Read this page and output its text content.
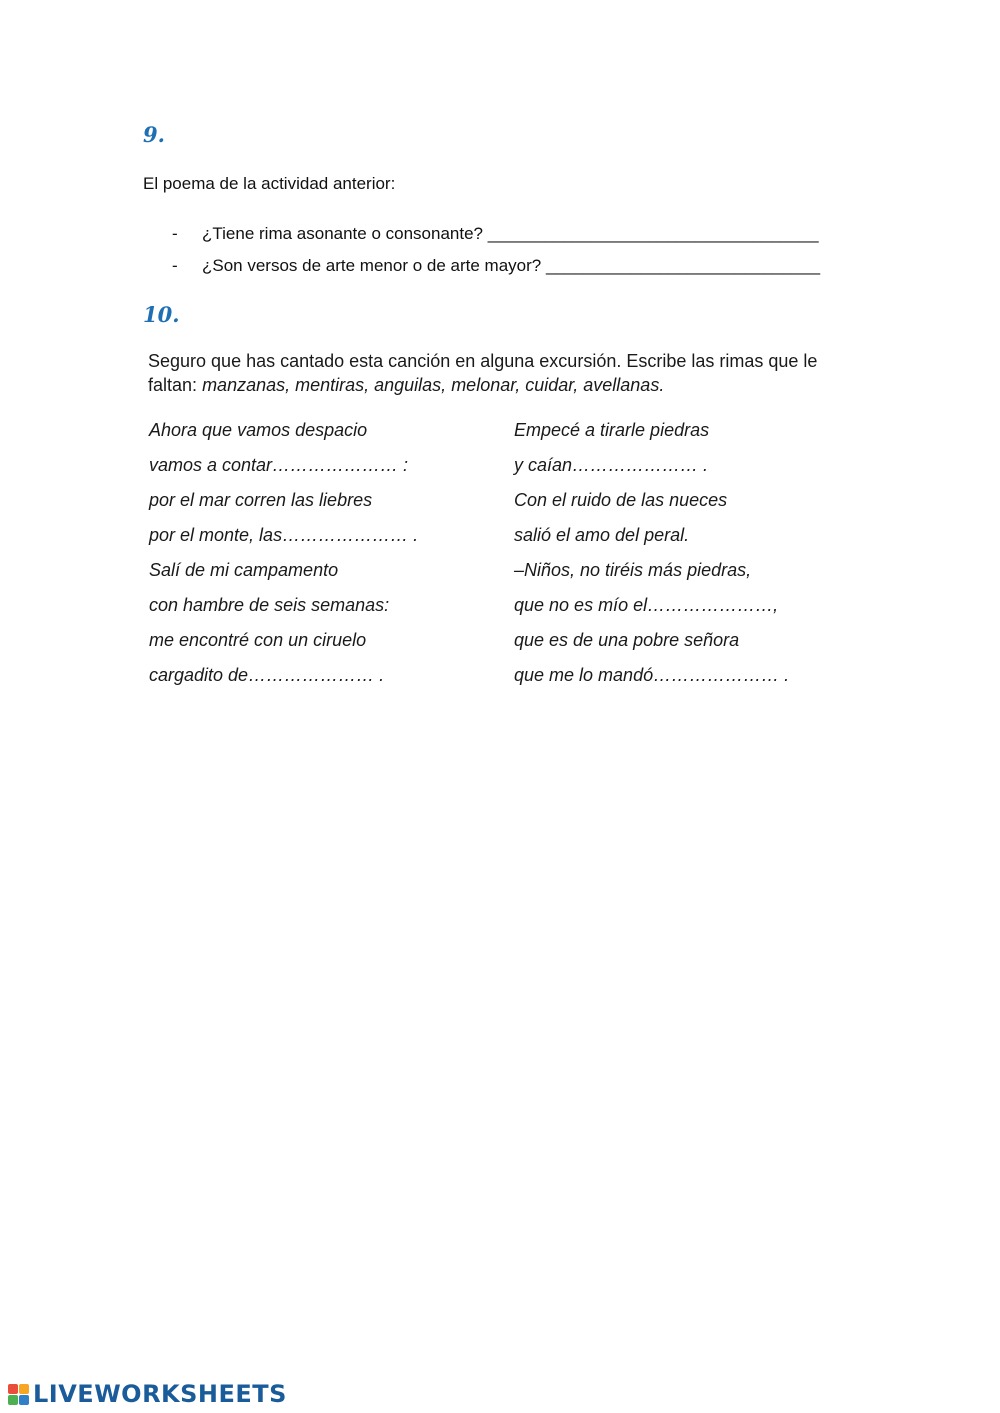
9.

El poema de la actividad anterior:

- ¿Tiene rima asonante o consonante? ___________________________________

- ¿Son versos de arte menor o de arte mayor? _____________________________

10.

Seguro que has cantado esta canción en alguna excursión. Escribe las rimas que le faltan: manzanas, mentiras, anguilas, melonar, cuidar, avellanas.

Ahora que vamos despacio
vamos a contar………………… :
por el mar corren las liebres
por el monte, las………………… .
Salí de mi campamento
con hambre de seis semanas:
me encontré con un ciruelo
cargadito de………………… .
Empecé a tirarle piedras
y caían………………… .
Con el ruido de las nueces
salió el amo del peral.
–Niños, no tiréis más piedras,
que no es mío el…………………,
que es de una pobre señora
que me lo mandó………………… .
LIVEWORKSHEETS
